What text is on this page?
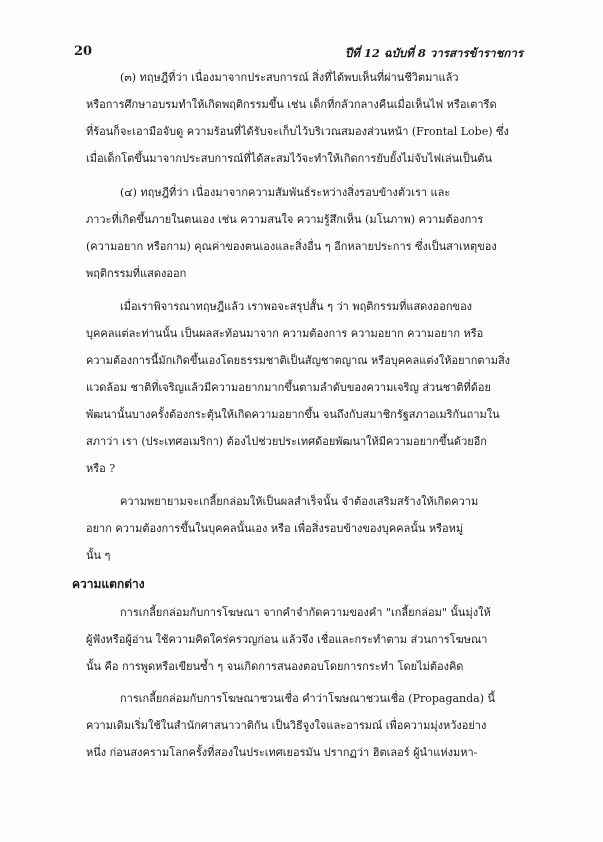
20	ปีที่ 12 ฉบับที่ 8 วารสารข้าราชการ
(๓) ทฤษฎีที่ว่า เนื่องมาจากประสบการณ์ สิ่งที่ได้พบเห็นที่ผ่านชีวิตมาแล้ว
หรือการศึกษาอบรมทำให้เกิดพฤติกรรมขึ้น เช่น เด็กที่กลัวกลางคืนเมื่อเห็นไฟ หรือเตารีด
ที่ร้อนก็จะเอามือจับดู ความร้อนที่ได้รับจะเก็บไว้บริเวณสมองส่วนหน้า (Frontal Lobe) ซึ่ง
เมื่อเด็กโตขึ้นมาจากประสบการณ์ที่ได้สะสมไว้จะทำให้เกิดการยับยั้งไม่จับไฟเล่นเป็นต้น
(๔) ทฤษฎีที่ว่า เนื่องมาจากความสัมพันธ์ระหว่างสิ่งรอบข้างตัวเรา และ
ภาวะที่เกิดขึ้นภายในตนเอง เช่น ความสนใจ ความรู้สึกเห็น (มโนภาพ) ความต้องการ
(ความอยาก หรือกาม) คุณค่าของตนเองและสิ่งอื่น ๆ อีกหลายประการ ซึ่งเป็นสาเหตุของ
พฤติกรรมที่แสดงออก
เมื่อเราพิจารณาทฤษฎีแล้ว เราพอจะสรุปสั้น ๆ ว่า พฤติกรรมที่แสดงออกของ
บุคคลแต่ละท่านนั้น เป็นผลสะท้อนมาจาก ความต้องการ ความอยาก ความอยาก หรือ
ความต้องการนี้มักเกิดขึ้นเองโดยธรรมชาติเป็นสัญชาตญาณ หรือบุคคลแต่งให้อยากตามสิ่ง
แวดล้อม ชาติที่เจริญแล้วมีความอยากมากขึ้นตามลำดับของความเจริญ ส่วนชาติที่ด้อย
พัฒนานั้นบางครั้งต้องกระตุ้นให้เกิดความอยากขึ้น จนถึงกับสมาชิกรัฐสภาอเมริกันถามใน
สภาว่า เรา (ประเทศอเมริกา) ต้องไปช่วยประเทศด้อยพัฒนาให้มีความอยากขึ้นด้วยอีก
หรือ ?
ความพยายามจะเกลี้ยกล่อมให้เป็นผลสำเร็จนั้น จำต้องเสริมสร้างให้เกิดความ
อยาก ความต้องการขึ้นในบุคคลนั้นเอง หรือ เพื่อสิ่งรอบข้างของบุคคลนั้น หรือหมู่
นั้น ๆ
ความแตกต่าง
การเกลี้ยกล่อมกับการโฆษณา จากคำจำกัดความของคำ "เกลี้ยกล่อม" นั้นมุ่งให้
ผู้ฟังหรือผู้อ่าน ใช้ความคิดใคร่ครวญก่อน แล้วจึง เชื่อและกระทำตาม ส่วนการโฆษณา
นั้น คือ การพูดหรือเขียนซ้ำ ๆ จนเกิดการสนองตอบโดยการกระทำ โดยไม่ต้องคิด
การเกลี้ยกล่อมกับการโฆษณาชวนเชื่อ คำว่าโฆษณาชวนเชื่อ (Propaganda) นี้
ความเดิมเริ่มใช้ในสำนักศาสนาวาติกัน เป็นวิธีจูงใจและอารมณ์ เพื่อความมุ่งหวังอย่าง
หนึ่ง ก่อนสงครามโลกครั้งที่สองในประเทศเยอรมัน ปรากฏว่า ฮิตเลอร์ ผู้นำแห่งมหา-
